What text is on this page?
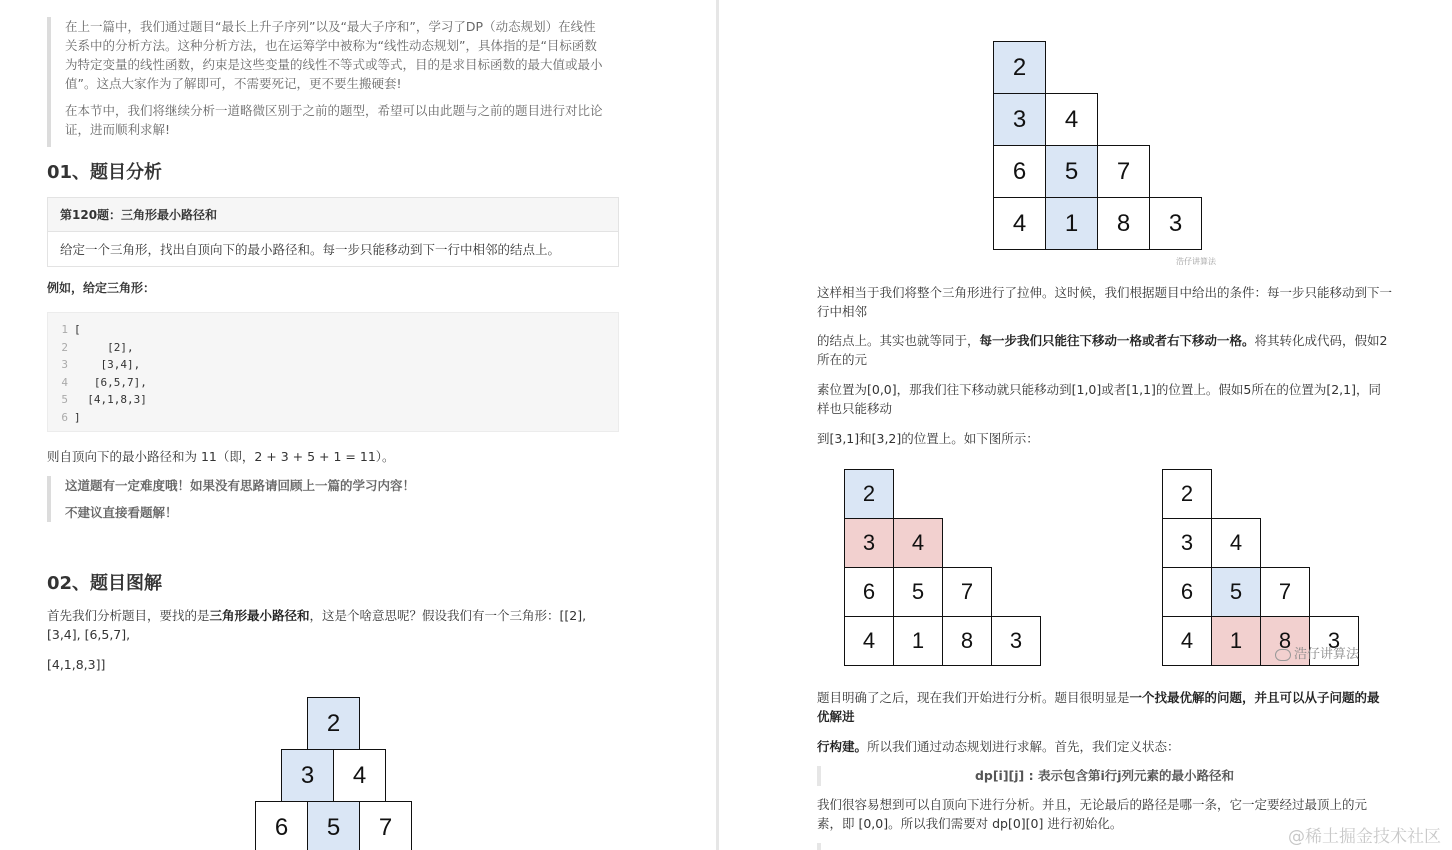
在上一篇中，我们通过题目“最长上升子序列”以及“最大子序和”，学习了DP（动态规划）在线性关系中的分析方法。这种分析方法，也在运筹学中被称为“线性动态规划”，具体指的是“目标函数为特定变量的线性函数，约束是这些变量的线性不等式或等式，目的是求目标函数的最大值或最小值”。这点大家作为了解即可，不需要死记，更不要生搬硬套!

在本节中，我们将继续分析一道略微区别于之前的题型，希望可以由此题与之前的题目进行对比论证，进而顺利求解!

01、题目分析
第120题：三角形最小路径和
给定一个三角形，找出自顶向下的最小路径和。每一步只能移动到下一行中相邻的结点上。
例如，给定三角形：
1 [
2     [2],
3    [3,4],
4   [6,5,7],
5  [4,1,8,3]
6 ]
则自顶向下的最小路径和为 11（即，2 + 3 + 5 + 1 = 11）。

这道题有一定难度哦！如果没有思路请回顾上一篇的学习内容！

不建议直接看题解！

02、题目图解
首先我们分析题目，要找的是三角形最小路径和，这是个啥意思呢？假设我们有一个三角形：[[2], [3,4], [6,5,7],
[4,1,8,3]]
2
3	4
6	5	7
2
3	4
6	5	7
4	1	8	3
浩仔讲算法
这样相当于我们将整个三角形进行了拉伸。这时候，我们根据题目中给出的条件：每一步只能移动到下一行中相邻
的结点上。其实也就等同于，每一步我们只能往下移动一格或者右下移动一格。将其转化成代码，假如2所在的元
素位置为[0,0]，那我们往下移动就只能移动到[1,0]或者[1,1]的位置上。假如5所在的位置为[2,1]，同样也只能移动
到[3,1]和[3,2]的位置上。如下图所示：
2
3	4
6	5	7
4	1	8	3
2
3	4
6	5	7
4	1	8	3
浩仔讲算法
题目明确了之后，现在我们开始进行分析。题目很明显是一个找最优解的问题，并且可以从子问题的最优解进
行构建。所以我们通过动态规划进行求解。首先，我们定义状态：
dp[i][j] : 表示包含第i行j列元素的最小路径和
我们很容易想到可以自顶向下进行分析。并且，无论最后的路径是哪一条，它一定要经过最顶上的元素，即 [0,0]。所以我们需要对 dp[0][0] 进行初始化。
@稀土掘金技术社区
